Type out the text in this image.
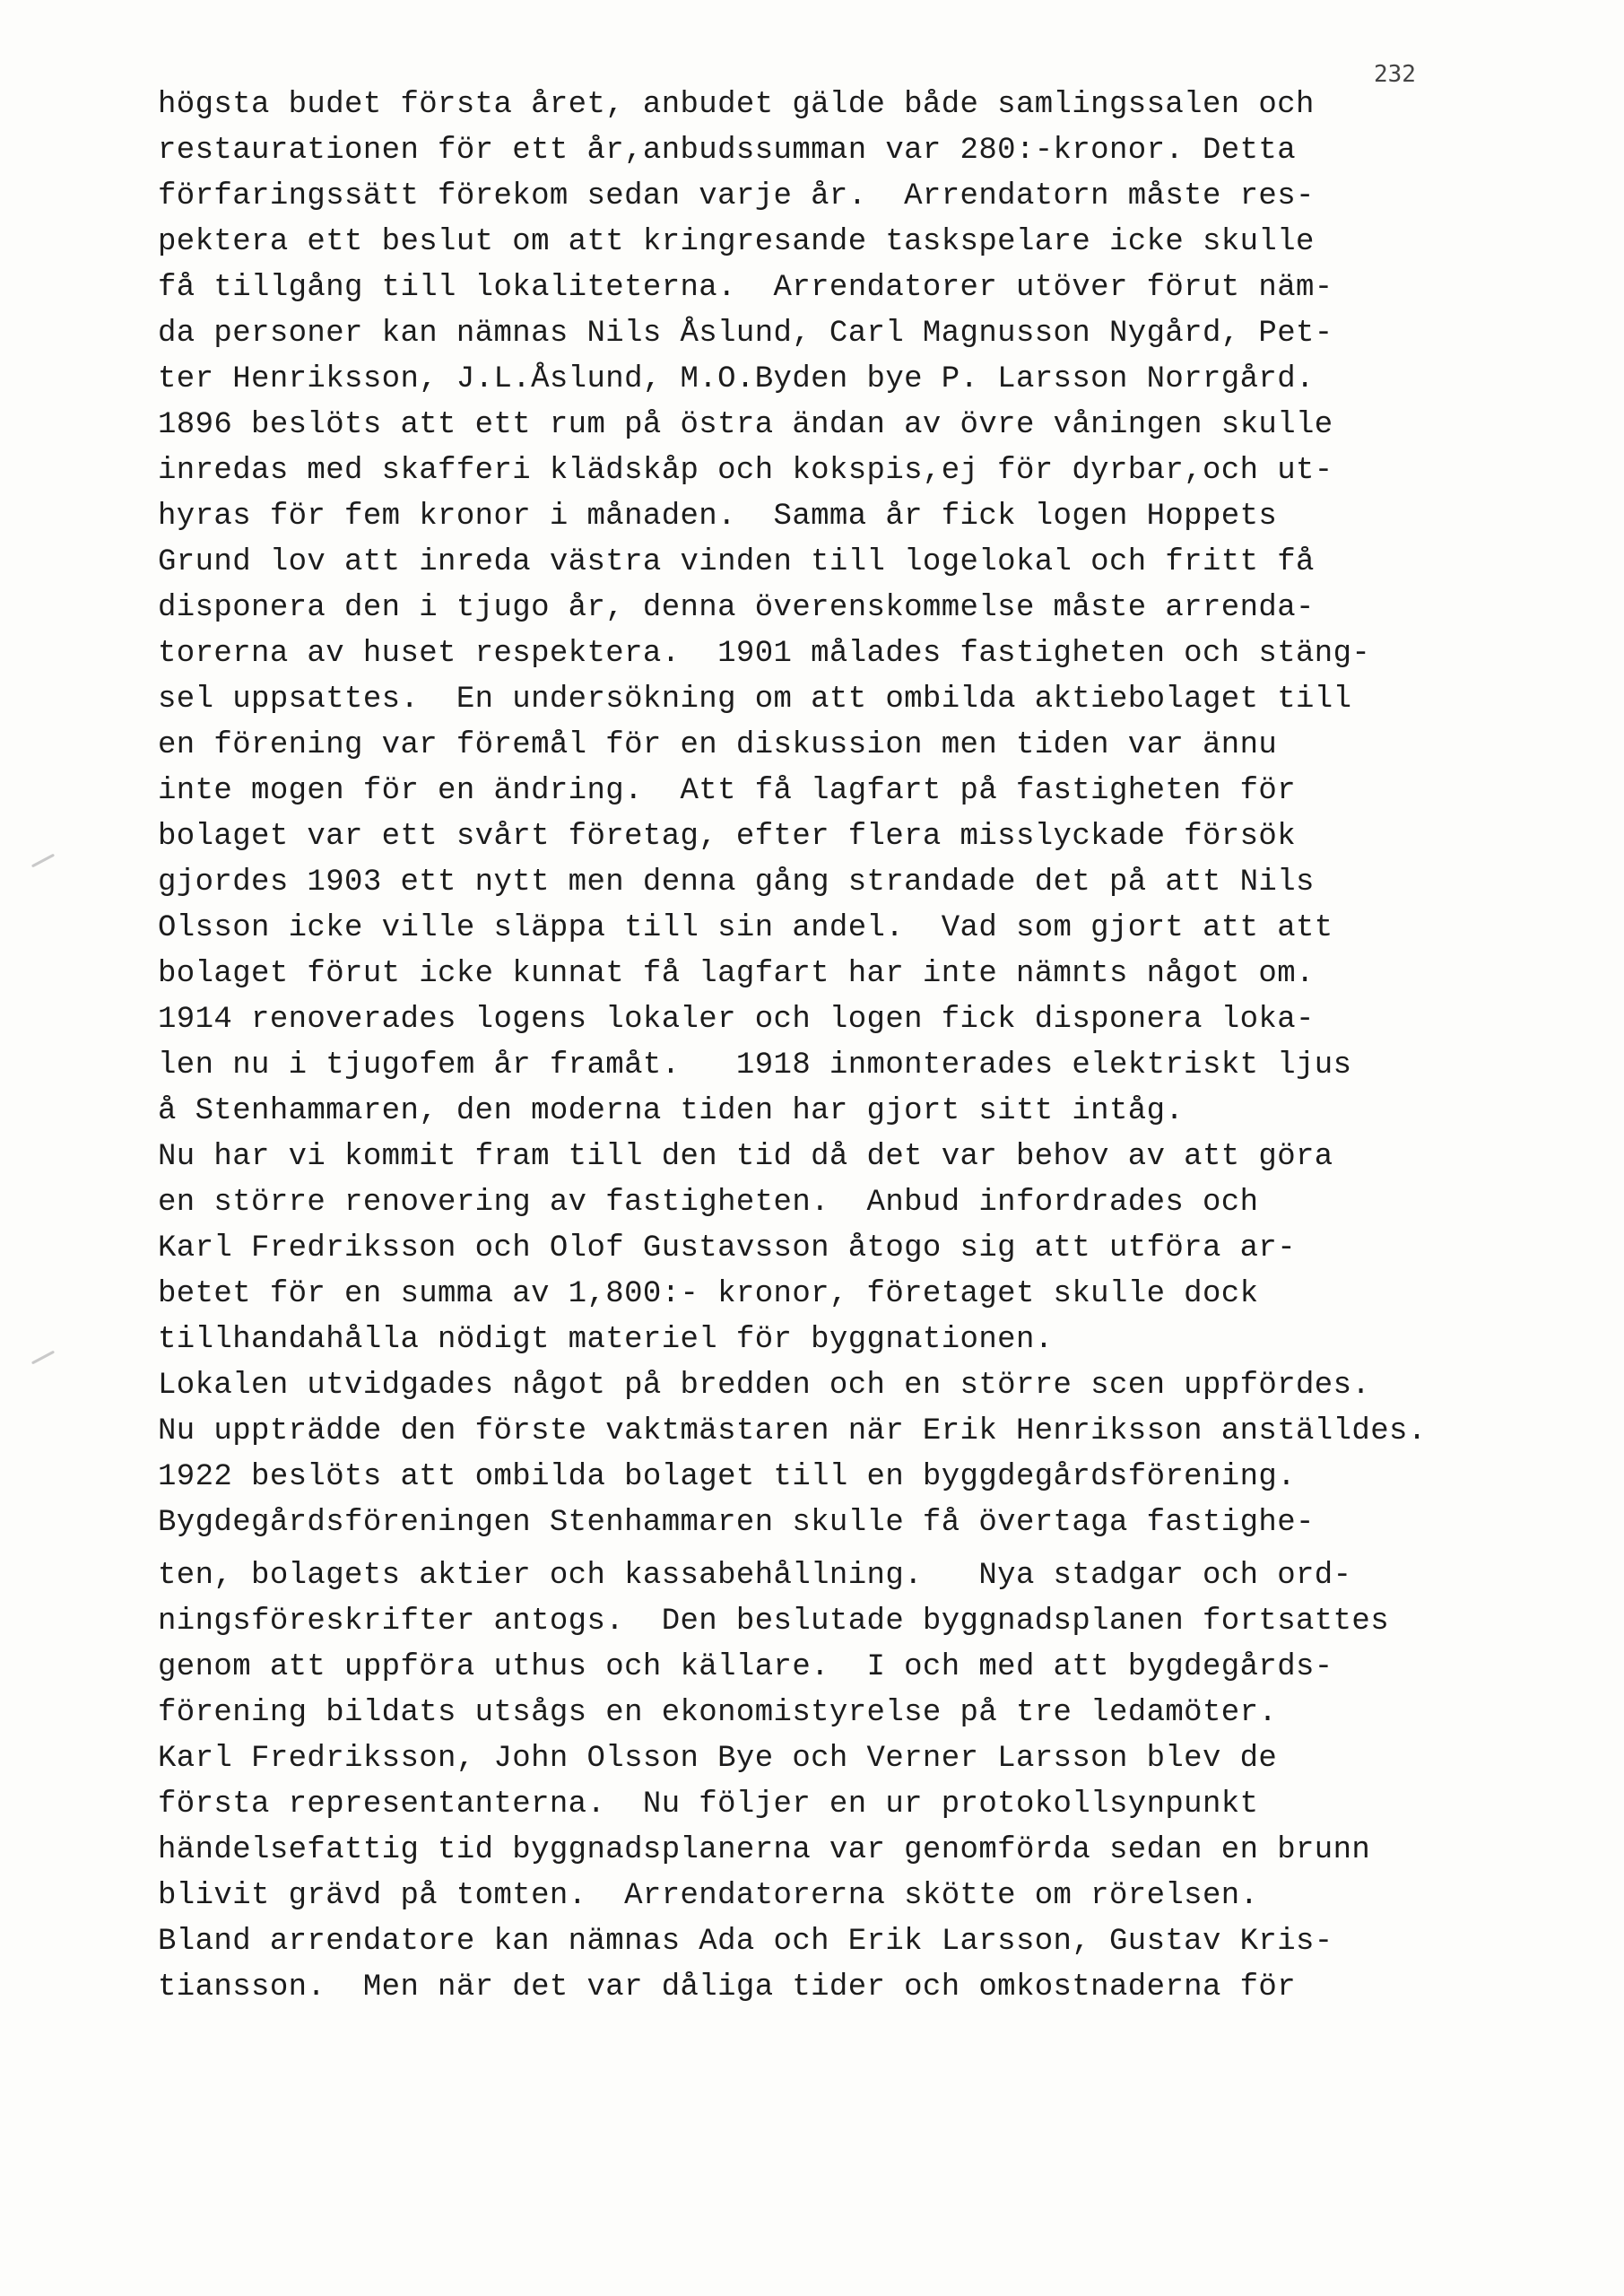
232
högsta budet första året, anbudet gälde både samlingssalen och
restaurationen för ett år,anbudssumman var 280:-kronor. Detta
förfaringssätt förekom sedan varje år.  Arrendatorn måste res-
pektera ett beslut om att kringresande taskspelare icke skulle
få tillgång till lokaliteterna.  Arrendatorer utöver förut näm-
da personer kan nämnas Nils Åslund, Carl Magnusson Nygård, Pet-
ter Henriksson, J.L.Åslund, M.O.Byden bye P. Larsson Norrgård.
1896 beslöts att ett rum på östra ändan av övre våningen skulle
inredas med skafferi klädskåp och kokspis,ej för dyrbar,och ut-
hyras för fem kronor i månaden.  Samma år fick logen Hoppets
Grund lov att inreda västra vinden till logelokal och fritt få
disponera den i tjugo år, denna överenskommelse måste arrenda-
torerna av huset respektera.  1901 målades fastigheten och stäng-
sel uppsattes.  En undersökning om att ombilda aktiebolaget till
en förening var föremål för en diskussion men tiden var ännu
inte mogen för en ändring.  Att få lagfart på fastigheten för
bolaget var ett svårt företag, efter flera misslyckade försök
gjordes 1903 ett nytt men denna gång strandade det på att Nils
Olsson icke ville släppa till sin andel.  Vad som gjort att att
bolaget förut icke kunnat få lagfart har inte nämnts något om.
1914 renoverades logens lokaler och logen fick disponera loka-
len nu i tjugofem år framåt.   1918 inmonterades elektriskt ljus
å Stenhammaren, den moderna tiden har gjort sitt intåg.
Nu har vi kommit fram till den tid då det var behov av att göra
en större renovering av fastigheten.  Anbud infordrades och
Karl Fredriksson och Olof Gustavsson åtogo sig att utföra ar-
betet för en summa av 1,800:- kronor, företaget skulle dock
tillhandahålla nödigt materiel för byggnationen.
Lokalen utvidgades något på bredden och en större scen uppfördes.
Nu uppträdde den förste vaktmästaren när Erik Henriksson anställdes.
1922 beslöts att ombilda bolaget till en byggdegårdsförening.
Bygdegårdsföreningen Stenhammaren skulle få övertaga fastighe-
ten, bolagets aktier och kassabehållning.   Nya stadgar och ord-
ningsföreskrifter antogs.  Den beslutade byggnadsplanen fortsattes
genom att uppföra uthus och källare.  I och med att bygdegårds-
förening bildats utsågs en ekonomistyrelse på tre ledamöter.
Karl Fredriksson, John Olsson Bye och Verner Larsson blev de
första representanterna.  Nu följer en ur protokollsynpunkt
händelsefattig tid byggnadsplanerna var genomförda sedan en brunn
blivit grävd på tomten.  Arrendatorerna skötte om rörelsen.
Bland arrendatore kan nämnas Ada och Erik Larsson, Gustav Kris-
tiansson.  Men när det var dåliga tider och omkostnaderna för
